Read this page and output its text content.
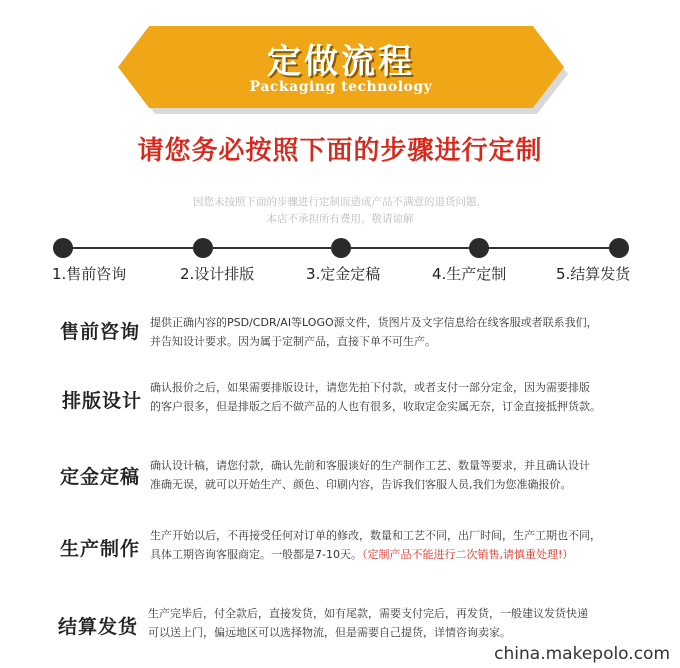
定做流程
Packaging technology
请您务必按照下面的步骤进行定制
因您未按照下面的步骤进行定制而造成产品不满意的退货问题，
本店不承担所有费用，敬请谅解
1.售前咨询	2.设计排版	3.定金定稿	4.生产定制	5.结算发货
售前咨询 提供正确内容的PSD/CDR/AI等LOGO源文件，货图片及文字信息给在线客服或者联系我们，
并告知设计要求。因为属于定制产品，直接下单不可生产。
排版设计
确认报价之后，如果需要排版设计，请您先拍下付款，或者支付一部分定金，因为需要排版
的客户很多，但是排版之后不做产品的人也有很多，收取定金实属无奈，订金直接抵押货款。
定金定稿
确认设计稿，请您付款，确认先前和客服谈好的生产制作工艺、数量等要求，并且确认设计
准确无误，就可以开始生产、颜色、印刷内容，告诉我们客服人员,我们为您准确报价。
生产制作
生产开始以后，不再接受任何对订单的修改，数量和工艺不同，出厂时间，生产工期也不同，
具体工期咨询客服商定。一般都是7-10天。（定制产品不能进行二次销售,请慎重处理!）
结算发货
生产完毕后，付全款后，直接发货，如有尾款，需要支付完后，再发货，一般建议发货快递
可以送上门，偏远地区可以选择物流，但是需要自己提货，详情咨询卖家。
china.makepolo.com
